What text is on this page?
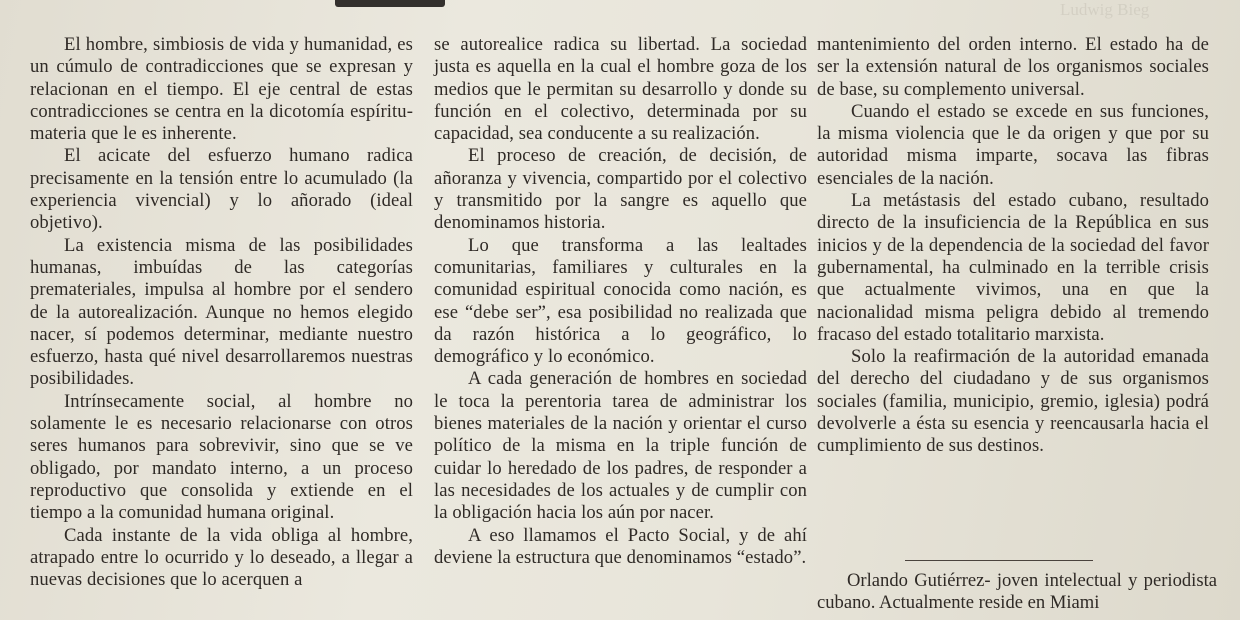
Ludwig Bieg

El hombre, simbiosis de vida y humanidad, es un cúmulo de contradicciones que se expresan y relacionan en el tiempo. El eje central de estas contradicciones se centra en la dicotomía espíritu-materia que le es inherente.

El acicate del esfuerzo humano radica precisamente en la tensión entre lo acumulado (la experiencia vivencial) y lo añorado (ideal objetivo).

La existencia misma de las posibilidades humanas, imbuídas de las categorías premateriales, impulsa al hombre por el sendero de la autorealización. Aunque no hemos elegido nacer, sí podemos determinar, mediante nuestro esfuerzo, hasta qué nivel desarrollaremos nuestras posibilidades.

Intrínsecamente social, al hombre no solamente le es necesario relacionarse con otros seres humanos para sobrevivir, sino que se ve obligado, por mandato interno, a un proceso reproductivo que consolida y extiende en el tiempo a la comunidad humana original.

Cada instante de la vida obliga al hombre, atrapado entre lo ocurrido y lo deseado, a llegar a nuevas decisiones que lo acerquen a

se autorealice radica su libertad. La sociedad justa es aquella en la cual el hombre goza de los medios que le permitan su desarrollo y donde su función en el colectivo, determinada por su capacidad, sea conducente a su realización.

El proceso de creación, de decisión, de añoranza y vivencia, compartido por el colectivo y transmitido por la sangre es aquello que denominamos historia.

Lo que transforma a las lealtades comunitarias, familiares y culturales en la comunidad espiritual conocida como nación, es ese “debe ser”, esa posibilidad no realizada que da razón histórica a lo geográfico, lo demográfico y lo económico.

A cada generación de hombres en sociedad le toca la perentoria tarea de administrar los bienes materiales de la nación y orientar el curso político de la misma en la triple función de cuidar lo heredado de los padres, de responder a las necesidades de los actuales y de cumplir con la obligación hacia los aún por nacer.

A eso llamamos el Pacto Social, y de ahí deviene la estructura que denominamos “estado”.

mantenimiento del orden interno. El estado ha de ser la extensión natural de los organismos sociales de base, su complemento universal.

Cuando el estado se excede en sus funciones, la misma violencia que le da origen y que por su autoridad misma imparte, socava las fibras esenciales de la nación.

La metástasis del estado cubano, resultado directo de la insuficiencia de la República en sus inicios y de la dependencia de la sociedad del favor gubernamental, ha culminado en la terrible crisis que actualmente vivimos, una en que la nacionalidad misma peligra debido al tremendo fracaso del estado totalitario marxista.

Solo la reafirmación de la autoridad emanada del derecho del ciudadano y de sus organismos sociales (familia, municipio, gremio, iglesia) podrá devolverle a ésta su esencia y reencausarla hacia el cumplimiento de sus destinos.

Orlando Gutiérrez- joven intelectual y periodista cubano. Actualmente reside en Miami
